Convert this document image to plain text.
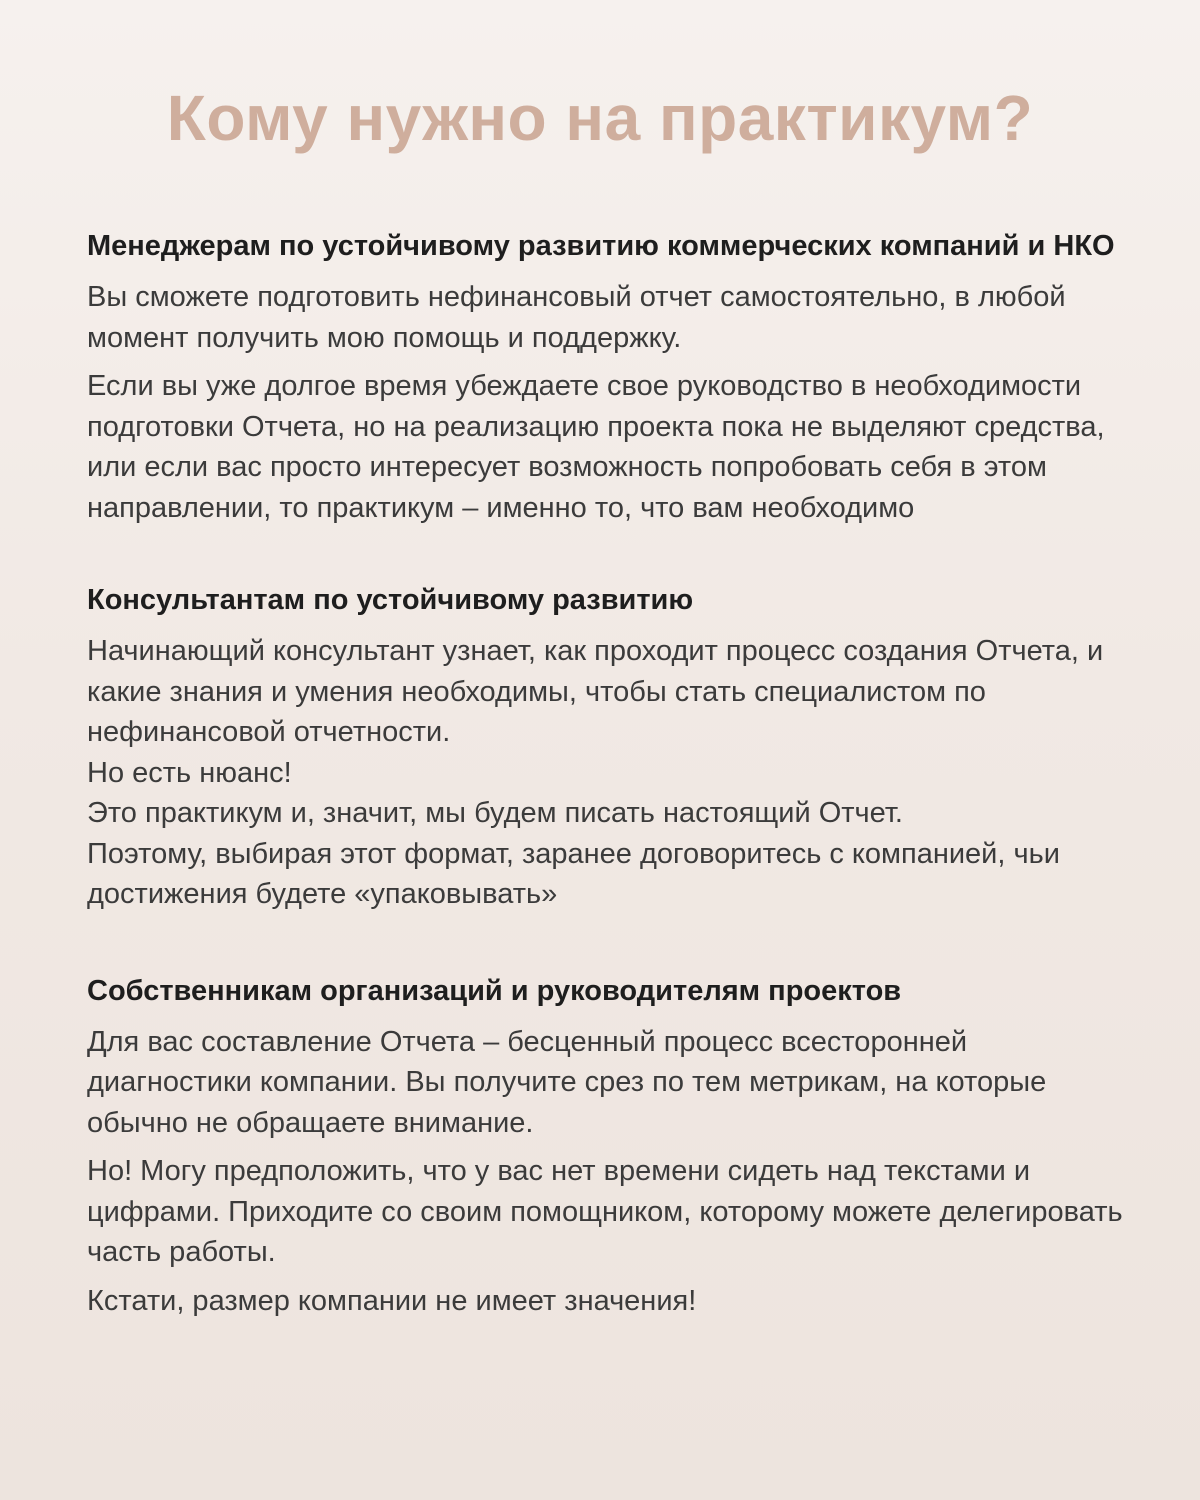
Кому нужно на практикум?
Менеджерам по устойчивому развитию коммерческих компаний и НКО

Вы сможете подготовить нефинансовый отчет самостоятельно, в любой момент получить мою помощь и поддержку.

Если вы уже долгое время убеждаете свое руководство в необходимости подготовки Отчета, но на реализацию проекта пока не выделяют средства, или если вас просто интересует возможность попробовать себя в этом направлении, то практикум – именно то, что вам необходимо

Консультантам по устойчивому развитию

Начинающий консультант узнает, как проходит процесс создания Отчета, и какие знания и умения необходимы, чтобы стать специалистом по нефинансовой отчетности.

Но есть нюанс!

Это практикум и, значит, мы будем писать настоящий Отчет.

Поэтому, выбирая этот формат, заранее договоритесь с компанией, чьи достижения будете «упаковывать»

Собственникам организаций и руководителям проектов

Для вас составление Отчета – бесценный процесс всесторонней диагностики компании. Вы получите срез по тем метрикам, на которые обычно не обращаете внимание.

Но! Могу предположить, что у вас нет времени сидеть над текстами и цифрами. Приходите со своим помощником, которому можете делегировать часть работы.

Кстати, размер компании не имеет значения!
